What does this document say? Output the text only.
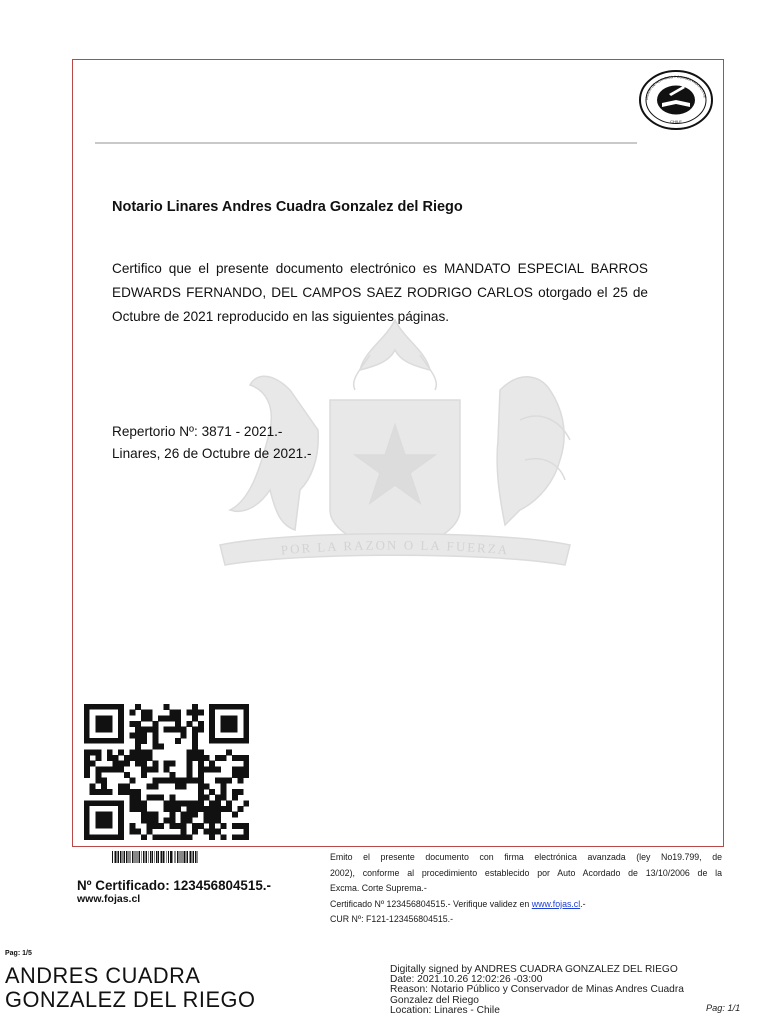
CHILE
IACION DE NOTARIOS Y CONSERVADORES DE
POR LA RAZON O LA FUERZA

Notario Linares Andres Cuadra Gonzalez del Riego

Certifico que el presente documento electrónico es MANDATO ESPECIAL BARROS EDWARDS FERNANDO, DEL CAMPOS SAEZ RODRIGO CARLOS otorgado el 25 de Octubre de 2021 reproducido en las siguientes páginas.

Repertorio Nº: 3871 - 2021.-

Linares, 26 de Octubre de 2021.-

Nº Certificado: 123456804515.-

www.fojas.cl

Emito el presente documento con firma electrónica avanzada (ley No19.799, de
2002), conforme al procedimiento establecido por Auto Acordado de 13/10/2006 de la
Excma. Corte Suprema.-
Certificado Nº 123456804515.- Verifique validez en www.fojas.cl.-
CUR Nº: F121-123456804515.-

Pag: 1/5

ANDRES CUADRA
GONZALEZ DEL RIEGO

Digitally signed by ANDRES CUADRA GONZALEZ DEL RIEGO
Date: 2021.10.26 12:02:26 -03:00
Reason: Notario Público y Conservador de Minas Andres Cuadra
Gonzalez del Riego
Location: Linares - Chile	Pag: 1/1
